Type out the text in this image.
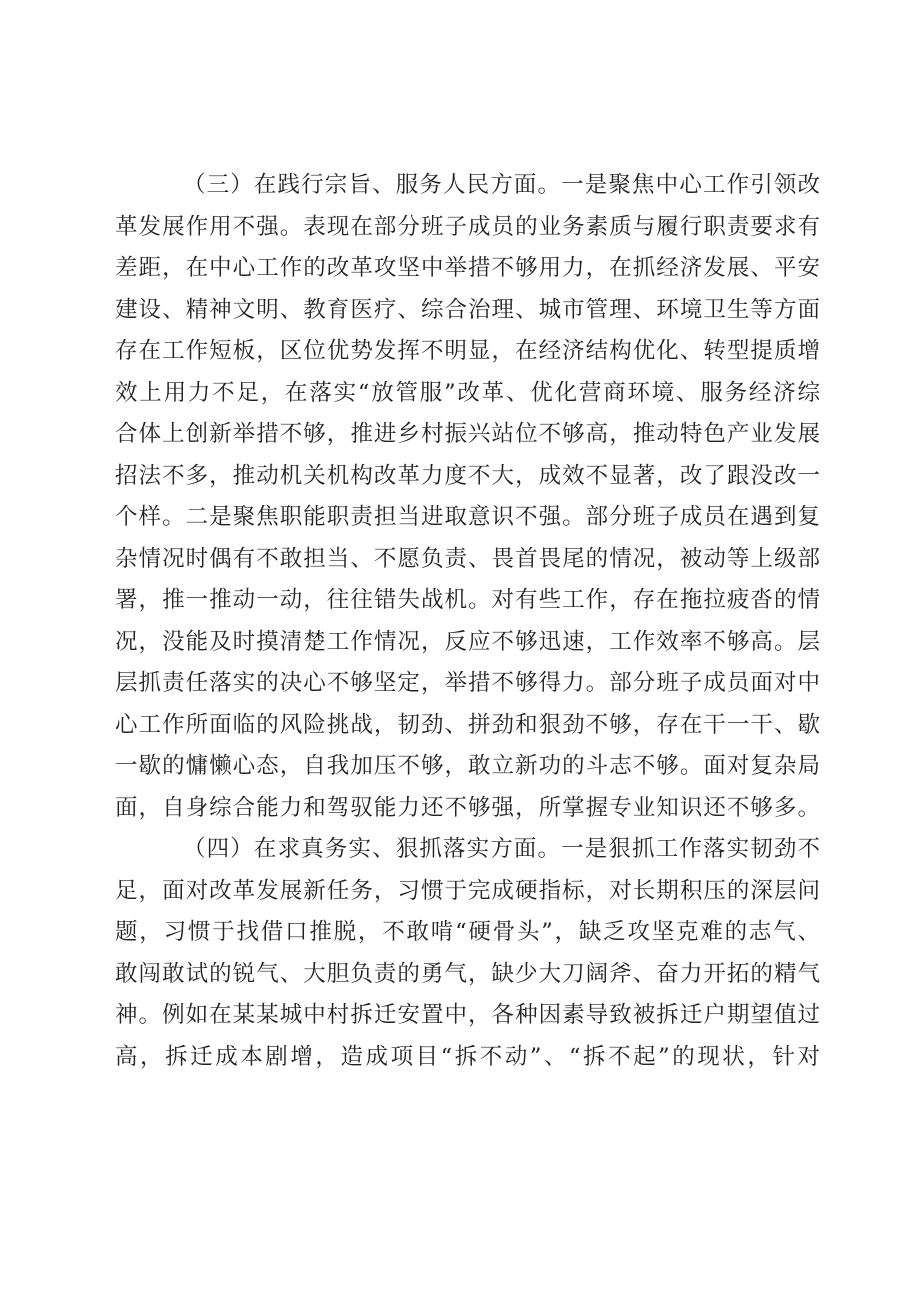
（三）在践行宗旨、服务人民方面。一是聚焦中心工作引领改
革发展作用不强。表现在部分班子成员的业务素质与履行职责要求有
差距，在中心工作的改革攻坚中举措不够用力，在抓经济发展、平安
建设、精神文明、教育医疗、综合治理、城市管理、环境卫生等方面
存在工作短板，区位优势发挥不明显，在经济结构优化、转型提质增
效上用力不足，在落实“放管服”改革、优化营商环境、服务经济综
合体上创新举措不够，推进乡村振兴站位不够高，推动特色产业发展
招法不多，推动机关机构改革力度不大，成效不显著，改了跟没改一
个样。二是聚焦职能职责担当进取意识不强。部分班子成员在遇到复
杂情况时偶有不敢担当、不愿负责、畏首畏尾的情况，被动等上级部
署，推一推动一动，往往错失战机。对有些工作，存在拖拉疲沓的情
况，没能及时摸清楚工作情况，反应不够迅速，工作效率不够高。层
层抓责任落实的决心不够坚定，举措不够得力。部分班子成员面对中
心工作所面临的风险挑战，韧劲、拼劲和狠劲不够，存在干一干、歇
一歇的慵懒心态，自我加压不够，敢立新功的斗志不够。面对复杂局
面，自身综合能力和驾驭能力还不够强，所掌握专业知识还不够多。
（四）在求真务实、狠抓落实方面。一是狠抓工作落实韧劲不
足，面对改革发展新任务，习惯于完成硬指标，对长期积压的深层问
题，习惯于找借口推脱，不敢啃“硬骨头”，缺乏攻坚克难的志气、
敢闯敢试的锐气、大胆负责的勇气，缺少大刀阔斧、奋力开拓的精气
神。例如在某某城中村拆迁安置中，各种因素导致被拆迁户期望值过
高，拆迁成本剧增，造成项目“拆不动”、“拆不起”的现状，针对
